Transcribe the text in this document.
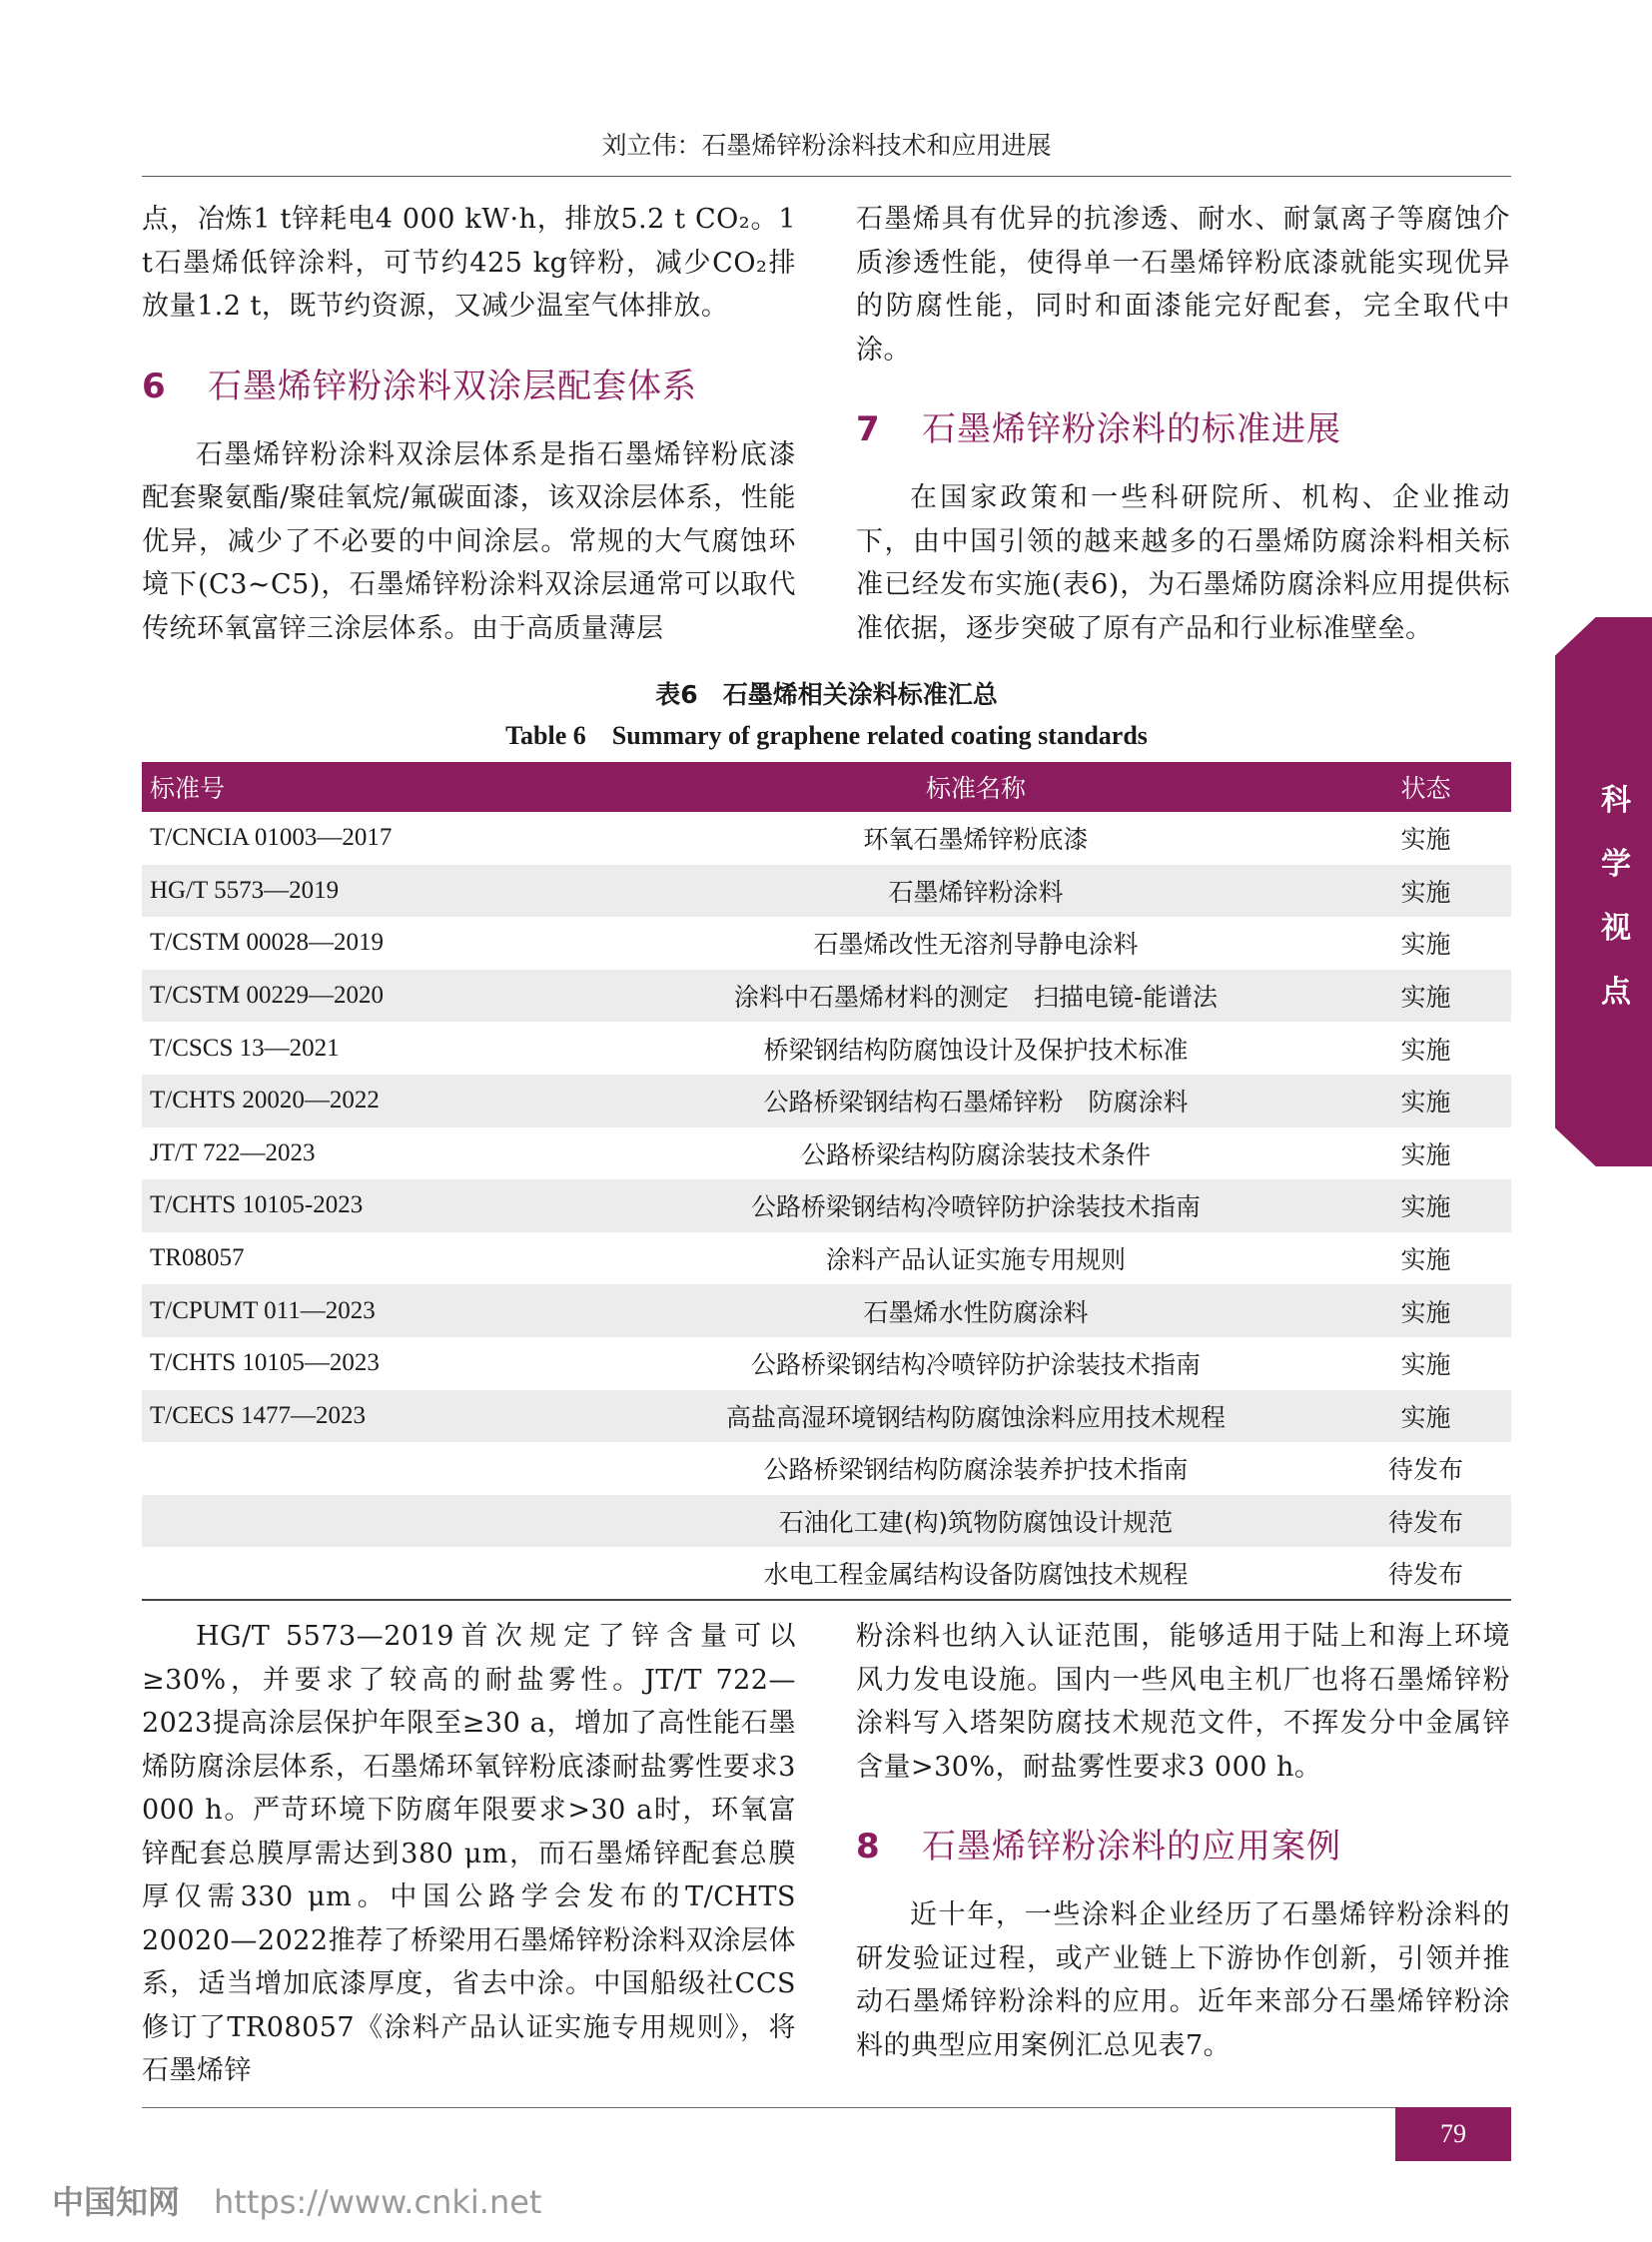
刘立伟：石墨烯锌粉涂料技术和应用进展

点，冶炼1 t锌耗电4 000 kW·h，排放5.2 t CO₂。1 t石墨烯低锌涂料，可节约425 kg锌粉，减少CO₂排放量1.2 t，既节约资源，又减少温室气体排放。

6 石墨烯锌粉涂料双涂层配套体系

石墨烯锌粉涂料双涂层体系是指石墨烯锌粉底漆配套聚氨酯/聚硅氧烷/氟碳面漆，该双涂层体系，性能优异，减少了不必要的中间涂层。常规的大气腐蚀环境下(C3~C5)，石墨烯锌粉涂料双涂层通常可以取代传统环氧富锌三涂层体系。由于高质量薄层

石墨烯具有优异的抗渗透、耐水、耐氯离子等腐蚀介质渗透性能，使得单一石墨烯锌粉底漆就能实现优异的防腐性能，同时和面漆能完好配套，完全取代中涂。

7 石墨烯锌粉涂料的标准进展

在国家政策和一些科研院所、机构、企业推动下，由中国引领的越来越多的石墨烯防腐涂料相关标准已经发布实施(表6)，为石墨烯防腐涂料应用提供标准依据，逐步突破了原有产品和行业标准壁垒。

表6　石墨烯相关涂料标准汇总
Table 6　Summary of graphene related coating standards
标准号	标准名称	状态
T/CNCIA 01003—2017	环氧石墨烯锌粉底漆	实施
HG/T 5573—2019	石墨烯锌粉涂料	实施
T/CSTM 00028—2019	石墨烯改性无溶剂导静电涂料	实施
T/CSTM 00229—2020	涂料中石墨烯材料的测定　扫描电镜-能谱法	实施
T/CSCS 13—2021	桥梁钢结构防腐蚀设计及保护技术标准	实施
T/CHTS 20020—2022	公路桥梁钢结构石墨烯锌粉　防腐涂料	实施
JT/T 722—2023	公路桥梁结构防腐涂装技术条件	实施
T/CHTS 10105-2023	公路桥梁钢结构冷喷锌防护涂装技术指南	实施
TR08057	涂料产品认证实施专用规则	实施
T/CPUMT 011—2023	石墨烯水性防腐涂料	实施
T/CHTS 10105—2023	公路桥梁钢结构冷喷锌防护涂装技术指南	实施
T/CECS 1477—2023	高盐高湿环境钢结构防腐蚀涂料应用技术规程	实施
	公路桥梁钢结构防腐涂装养护技术指南	待发布
	石油化工建(构)筑物防腐蚀设计规范	待发布
	水电工程金属结构设备防腐蚀技术规程	待发布
科
学
视
点

HG/T 5573—2019首次规定了锌含量可以≥30%，并要求了较高的耐盐雾性。JT/T 722—2023提高涂层保护年限至≥30 a，增加了高性能石墨烯防腐涂层体系，石墨烯环氧锌粉底漆耐盐雾性要求3 000 h。严苛环境下防腐年限要求>30 a时，环氧富锌配套总膜厚需达到380 μm，而石墨烯锌配套总膜厚仅需330 μm。中国公路学会发布的T/CHTS 20020—2022推荐了桥梁用石墨烯锌粉涂料双涂层体系，适当增加底漆厚度，省去中涂。中国船级社CCS修订了TR08057《涂料产品认证实施专用规则》，将石墨烯锌

粉涂料也纳入认证范围，能够适用于陆上和海上环境风力发电设施。国内一些风电主机厂也将石墨烯锌粉涂料写入塔架防腐技术规范文件，不挥发分中金属锌含量>30%，耐盐雾性要求3 000 h。

8 石墨烯锌粉涂料的应用案例

近十年，一些涂料企业经历了石墨烯锌粉涂料的研发验证过程，或产业链上下游协作创新，引领并推动石墨烯锌粉涂料的应用。近年来部分石墨烯锌粉涂料的典型应用案例汇总见表7。

79
中国知网 https://www.cnki.net
